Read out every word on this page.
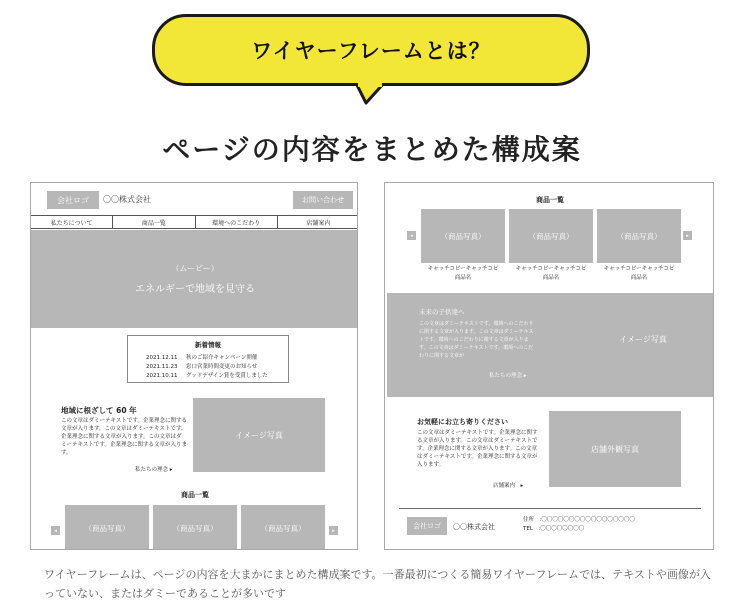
ワイヤーフレームとは？
ページの内容をまとめた構成案
会社ロゴ	〇〇株式会社	お問い合わせ
私たちについて	商品一覧	環境へのこだわり	店舗案内
（ムービー）
エネルギーで地域を見守る
新着情報
2021.12.11 秋のご紹介キャンペーン開催
2021.11.23 窓口営業時間変更のお知らせ
2021.10.11 グッドデザイン賞を受賞しました
地域に根ざして 60 年
この文章はダミーテキストです。企業理念に関する文章が入ります。この文章はダミーテキストです。企業理念に関する文章が入ります。この文章はダミーテキストです。企業理念に関する文章が入ります。
私たちの理念 ▸
イメージ写真
商品一覧
◂	（商品写真）	（商品写真）	（商品写真）	▸
商品一覧
◂	（商品写真）	（商品写真）	（商品写真）	▸
キャッチコピーキャッチコピ
商品名
キャッチコピーキャッチコピ
商品名
キャッチコピーキャッチコピ
商品名
未来の子供達へ
この文章はダミーテキストです。環境へのこだわりに関する文章が入ります。この文章はダミーテキストです。環境へのこだわりに関する文章が入ります。この文章はダミーテキストです。環境へのこだわりに関する文章が
私たちの理念 ▸
イメージ写真
お気軽にお立ち寄りください
この文章はダミーテキストです。企業理念に関する文章が入ります。この文章はダミーテキストです。企業理念に関する文章が入ります。この文章はダミーテキストです。企業理念に関する文章が入ります。
店舗案内　▸
店舗外観写真
会社ロゴ	〇〇株式会社
住所　:〇〇〇〇〇〇〇〇〇〇〇〇〇〇〇〇〇
TEL　:〇〇〇〇〇〇〇〇
ワイヤーフレームは、ページの内容を大まかにまとめた構成案です。一番最初につくる簡易ワイヤーフレームでは、テキストや画像が入っていない、またはダミーであることが多いです
